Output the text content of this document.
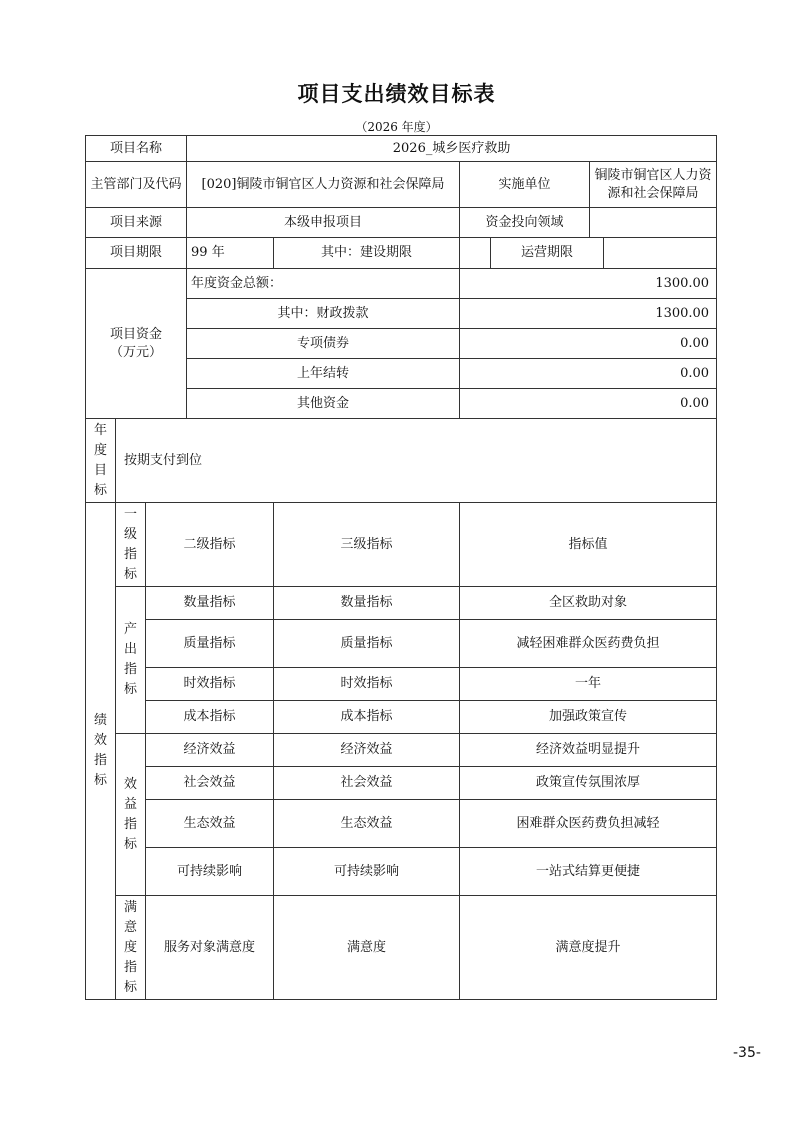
项目支出绩效目标表
（2026 年度）
项目名称			2026_城乡医疗救助					
主管部门及代码			[020]铜陵市铜官区人力资源和社会保障局		实施单位		铜陵市铜官区人力资源和社会保障局	
项目来源			本级申报项目		资金投向领域			
项目期限			99 年	其中：建设期限		运营期限		
项目资金（万元）			年度资金总额：		1300.00			
			其中：财政拨款		1300.00			
			专项债券		0.00			
			上年结转		0.00			
			其他资金		0.00			

年度目标	按期支付到位							

绩效指标	一级指标	二级指标		三级指标	指标值			

	产出指标	数量指标		数量指标	全区救助对象			
		质量指标		质量指标	减轻困难群众医药费负担			
		时效指标		时效指标	一年			
		成本指标		成本指标	加强政策宣传			

	效益指标	经济效益		经济效益	经济效益明显提升			
		社会效益		社会效益	政策宣传氛围浓厚			
		生态效益		生态效益	困难群众医药费负担减轻			
		可持续影响		可持续影响	一站式结算更便捷			

	满意度指标	服务对象满意度		满意度	满意度提升			
-35-
